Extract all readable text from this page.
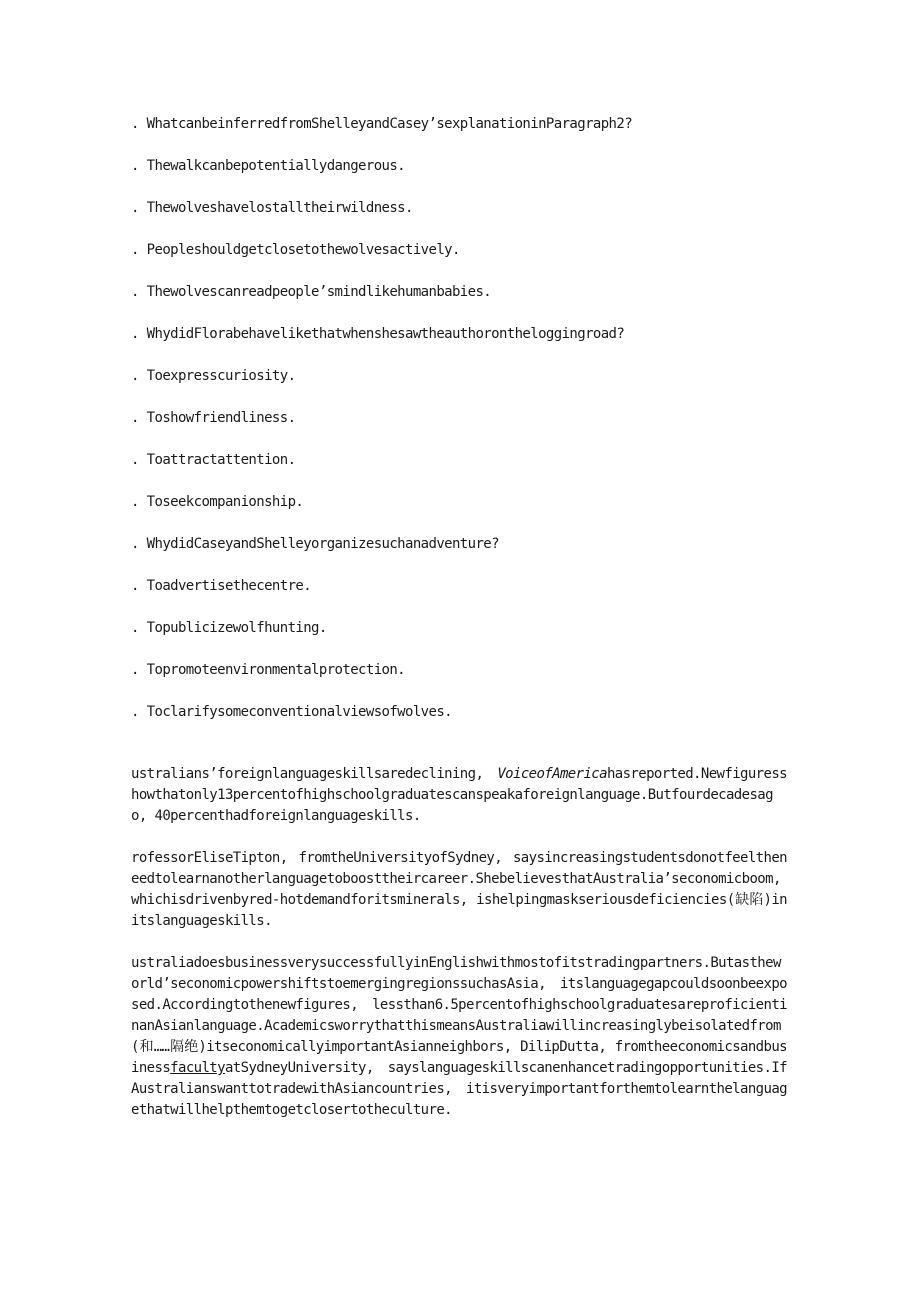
. WhatcanbeinferredfromShelleyandCasey’sexplanationinParagraph2?
. Thewalkcanbepotentiallydangerous.
. Thewolveshavelostalltheirwildness.
. Peopleshouldgetclosetothewolvesactively.
. Thewolvescanreadpeople’smindlikehumanbabies.
. WhydidFlorabehavelikethatwhenshesawtheauthorontheloggingroad?
. Toexpresscuriosity.
. Toshowfriendliness.
. Toattractattention.
. Toseekcompanionship.
. WhydidCaseyandShelleyorganizesuchanadventure?
. Toadvertisethecentre.
. Topublicizewolfhunting.
. Topromoteenvironmentalprotection.
. Toclarifysomeconventionalviewsofwolves.

ustralians’foreignlanguageskillsaredeclining, VoiceofAmericahasreported.Newfiguresshowthatonly13percentofhighschoolgraduatescanspeakaforeignlanguage.Butfourdecadesago, 40percenthadforeignlanguageskills.

rofessorEliseTipton, fromtheUniversityofSydney, saysincreasingstudentsdonotfeeltheneedtolearnanotherlanguagetoboosttheircareer.ShebelievesthatAustralia’seconomicboom,whichisdrivenbyred-hotdemandforitsminerals, ishelpingmaskseriousdeficiencies(缺陷)initslanguageskills.

ustraliadoesbusinessverysuccessfullyinEnglishwithmostofitstradingpartners.Butastheworld’seconomicpowershiftstoemergingregionssuchasAsia, itslanguagegapcouldsoonbeexposed.Accordingtothenewfigures, lessthan6.5percentofhighschoolgraduatesareproficientinanAsianlanguage.AcademicsworrythatthismeansAustraliawillincreasinglybeisolatedfrom(和……隔绝)itseconomicallyimportantAsianneighbors, DilipDutta, fromtheeconomicsandbusinessfacultyatSydneyUniversity, sayslanguageskillscanenhancetradingopportunities.IfAustralianswanttotradewithAsiancountries, itisveryimportantforthemtolearnthelanguagethatwillhelpthemtogetclosertotheculture.
